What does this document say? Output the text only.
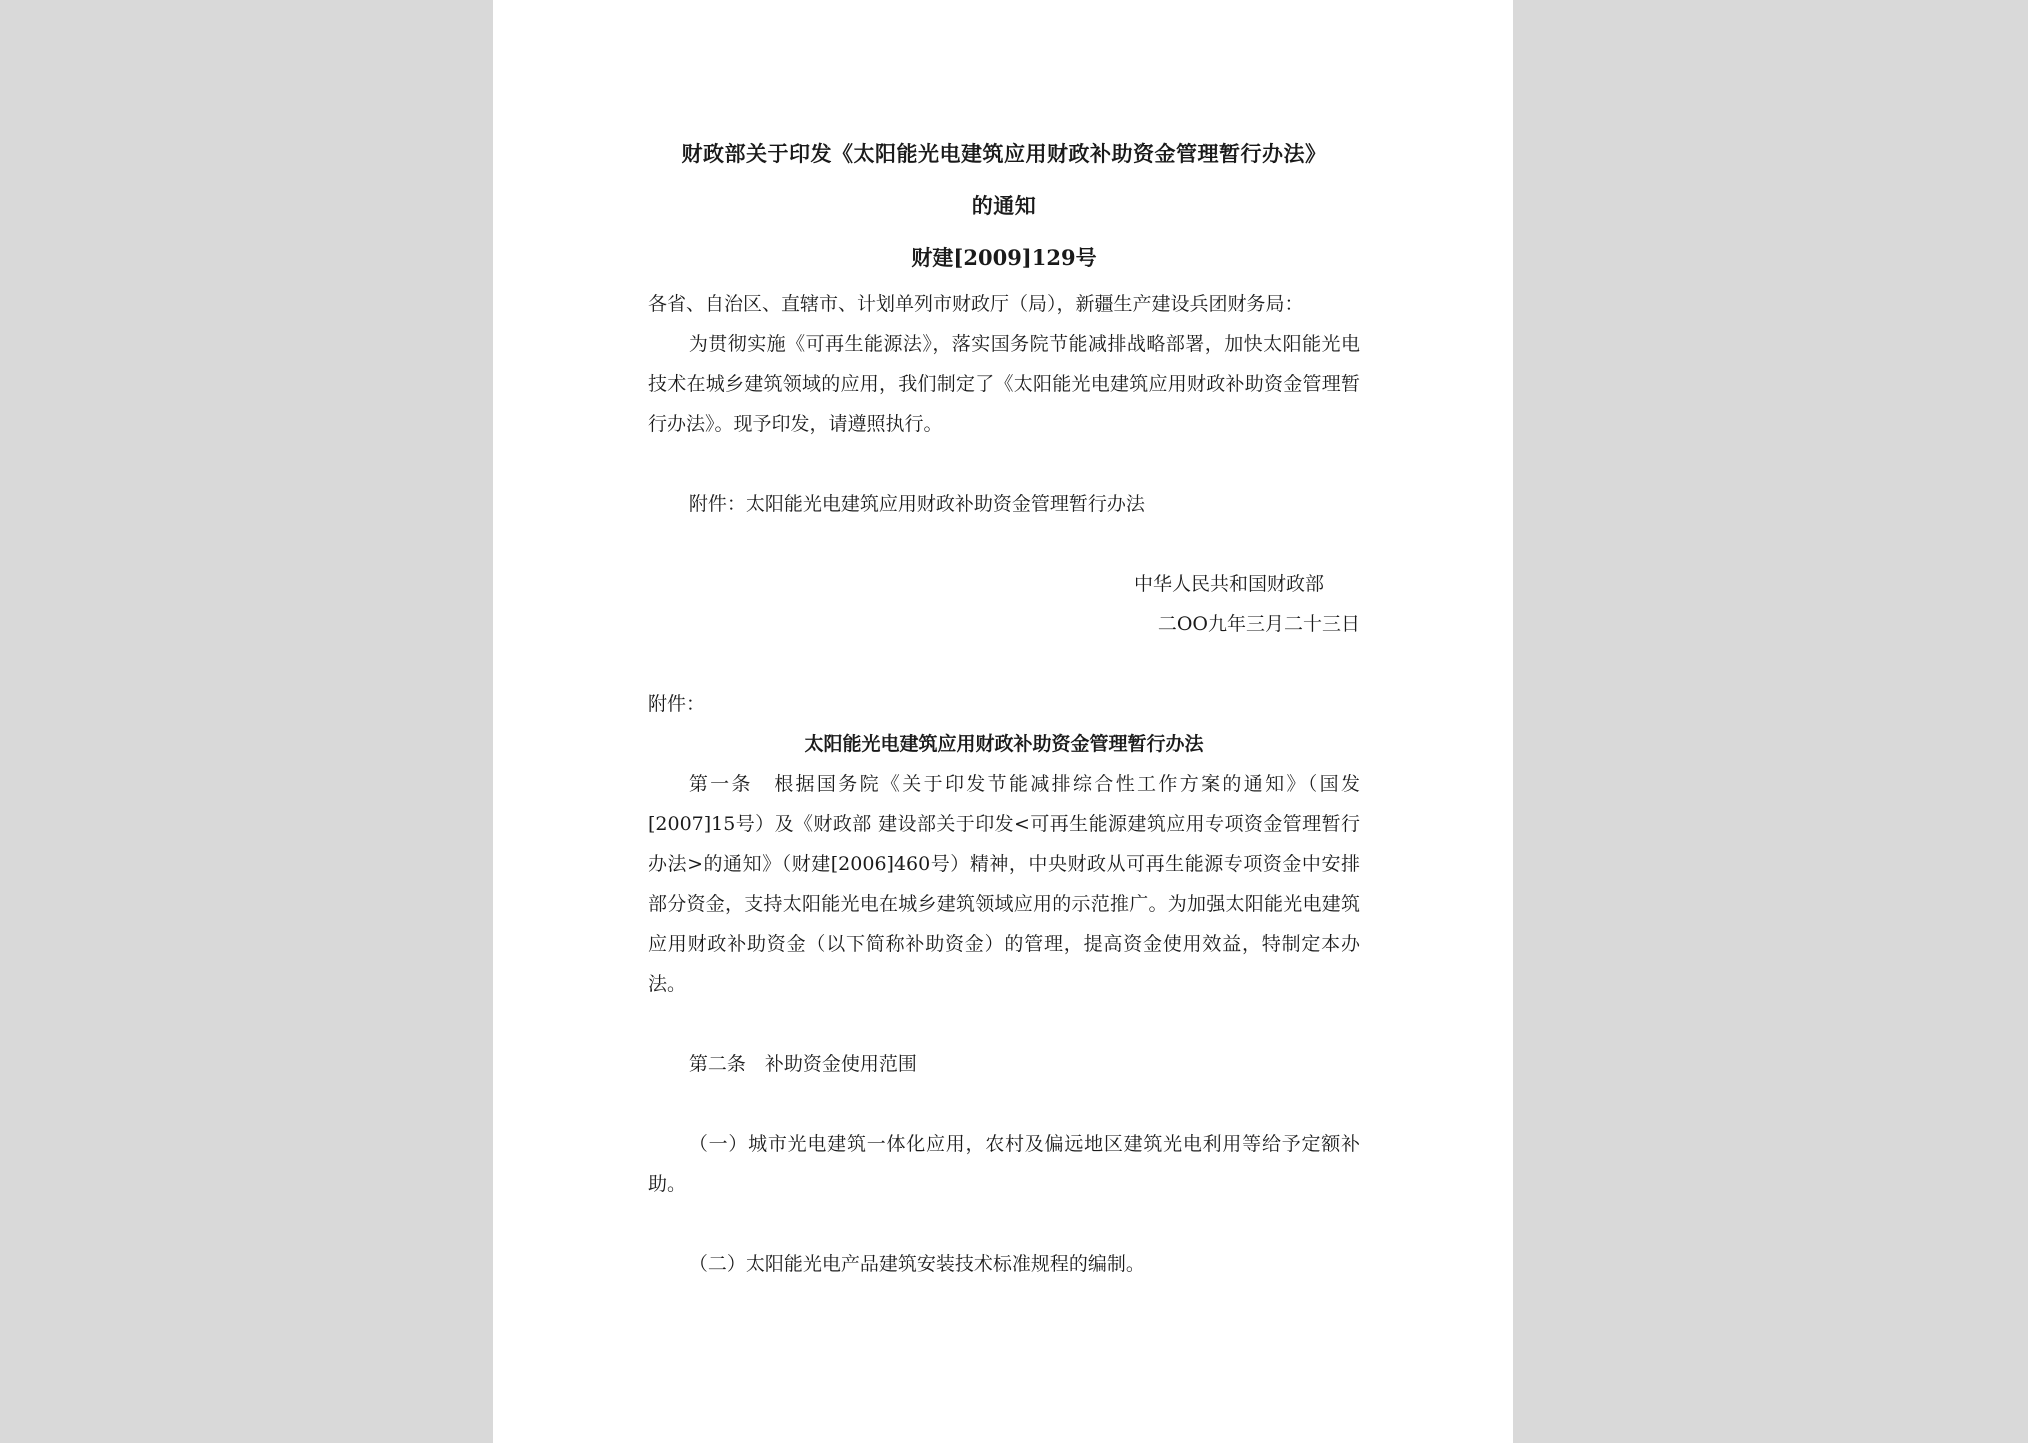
财政部关于印发《太阳能光电建筑应用财政补助资金管理暂行办法》
的通知
财建[2009]129号

各省、自治区、直辖市、计划单列市财政厅（局），新疆生产建设兵团财务局：

为贯彻实施《可再生能源法》，落实国务院节能减排战略部署，加快太阳能光电技术在城乡建筑领域的应用，我们制定了《太阳能光电建筑应用财政补助资金管理暂行办法》。现予印发，请遵照执行。

附件：太阳能光电建筑应用财政补助资金管理暂行办法

中华人民共和国财政部

二OO九年三月二十三日

附件：

太阳能光电建筑应用财政补助资金管理暂行办法

第一条　根据国务院《关于印发节能减排综合性工作方案的通知》（国发[2007]15号）及《财政部 建设部关于印发<可再生能源建筑应用专项资金管理暂行办法>的通知》（财建[2006]460号）精神，中央财政从可再生能源专项资金中安排部分资金，支持太阳能光电在城乡建筑领域应用的示范推广。为加强太阳能光电建筑应用财政补助资金（以下简称补助资金）的管理，提高资金使用效益，特制定本办法。

第二条　补助资金使用范围

（一）城市光电建筑一体化应用，农村及偏远地区建筑光电利用等给予定额补助。

（二）太阳能光电产品建筑安装技术标准规程的编制。
